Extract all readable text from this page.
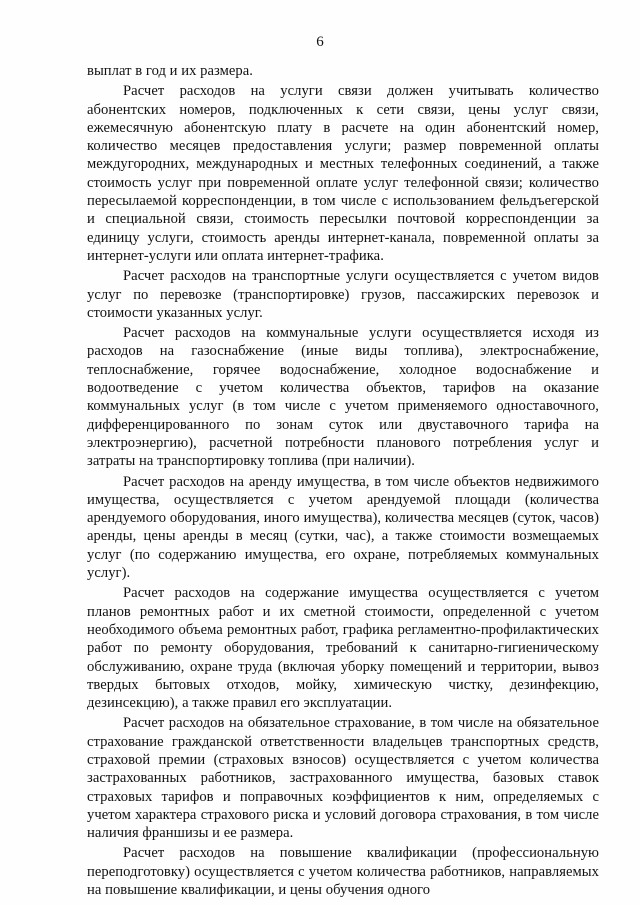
6

выплат в год и их размера.

Расчет расходов на услуги связи должен учитывать количество абонентских номеров, подключенных к сети связи, цены услуг связи, ежемесячную абонентскую плату в расчете на один абонентский номер, количество месяцев предоставления услуги; размер повременной оплаты междугородних, международных и местных телефонных соединений, а также стоимость услуг при повременной оплате услуг телефонной связи; количество пересылаемой корреспонденции, в том числе с использованием фельдъегерской и специальной связи, стоимость пересылки почтовой корреспонденции за единицу услуги, стоимость аренды интернет-канала, повременной оплаты за интернет-услуги или оплата интернет-трафика.

Расчет расходов на транспортные услуги осуществляется с учетом видов услуг по перевозке (транспортировке) грузов, пассажирских перевозок и стоимости указанных услуг.

Расчет расходов на коммунальные услуги осуществляется исходя из расходов на газоснабжение (иные виды топлива), электроснабжение, теплоснабжение, горячее водоснабжение, холодное водоснабжение и водоотведение с учетом количества объектов, тарифов на оказание коммунальных услуг (в том числе с учетом применяемого одноставочного, дифференцированного по зонам суток или двуставочного тарифа на электроэнергию), расчетной потребности планового потребления услуг и затраты на транспортировку топлива (при наличии).

Расчет расходов на аренду имущества, в том числе объектов недвижимого имущества, осуществляется с учетом арендуемой площади (количества арендуемого оборудования, иного имущества), количества месяцев (суток, часов) аренды, цены аренды в месяц (сутки, час), а также стоимости возмещаемых услуг (по содержанию имущества, его охране, потребляемых коммунальных услуг).

Расчет расходов на содержание имущества осуществляется с учетом планов ремонтных работ и их сметной стоимости, определенной с учетом необходимого объема ремонтных работ, графика регламентно-профилактических работ по ремонту оборудования, требований к санитарно-гигиеническому обслуживанию, охране труда (включая уборку помещений и территории, вывоз твердых бытовых отходов, мойку, химическую чистку, дезинфекцию, дезинсекцию), а также правил его эксплуатации.

Расчет расходов на обязательное страхование, в том числе на обязательное страхование гражданской ответственности владельцев транспортных средств, страховой премии (страховых взносов) осуществляется с учетом количества застрахованных работников, застрахованного имущества, базовых ставок страховых тарифов и поправочных коэффициентов к ним, определяемых с учетом характера страхового риска и условий договора страхования, в том числе наличия франшизы и ее размера.

Расчет расходов на повышение квалификации (профессиональную переподготовку) осуществляется с учетом количества работников, направляемых на повышение квалификации, и цены обучения одного
